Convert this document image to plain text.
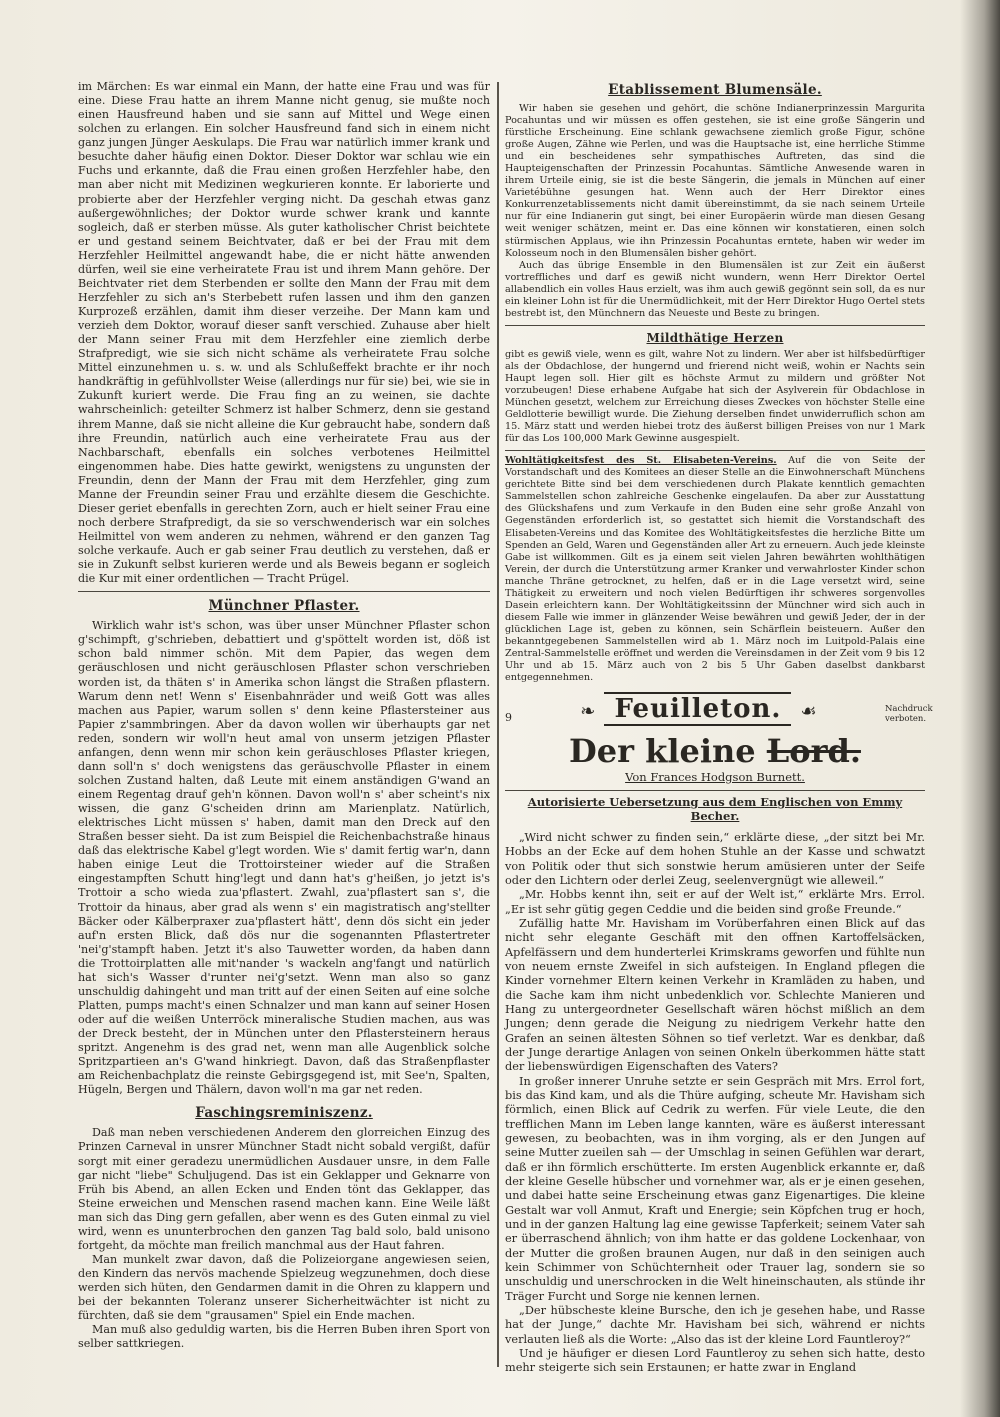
im Märchen: Es war einmal ein Mann, der hatte eine Frau und was für eine. Diese Frau hatte an ihrem Manne nicht genug, sie mußte noch einen Hausfreund haben und sie sann auf Mittel und Wege einen solchen zu erlangen. Ein solcher Hausfreund fand sich in einem nicht ganz jungen Jünger Aeskulaps. Die Frau war natürlich immer krank und besuchte daher häufig einen Doktor. Dieser Doktor war schlau wie ein Fuchs und erkannte, daß die Frau einen großen Herzfehler habe, den man aber nicht mit Medizinen wegkurieren konnte. Er laborierte und probierte aber der Herzfehler verging nicht. Da geschah etwas ganz außergewöhnliches; der Doktor wurde schwer krank und kannte sogleich, daß er sterben müsse. Als guter katholischer Christ beichtete er und gestand seinem Beichtvater, daß er bei der Frau mit dem Herzfehler Heilmittel angewandt habe, die er nicht hätte anwenden dürfen, weil sie eine verheiratete Frau ist und ihrem Mann gehöre. Der Beichtvater riet dem Sterbenden er sollte den Mann der Frau mit dem Herzfehler zu sich an's Sterbebett rufen lassen und ihm den ganzen Kurprozeß erzählen, damit ihm dieser verzeihe. Der Mann kam und verzieh dem Doktor, worauf dieser sanft verschied. Zuhause aber hielt der Mann seiner Frau mit dem Herzfehler eine ziemlich derbe Strafpredigt, wie sie sich nicht schäme als verheiratete Frau solche Mittel einzunehmen u. s. w. und als Schlußeffekt brachte er ihr noch handkräftig in gefühlvollster Weise (allerdings nur für sie) bei, wie sie in Zukunft kuriert werde. Die Frau fing an zu weinen, sie dachte wahrscheinlich: geteilter Schmerz ist halber Schmerz, denn sie gestand ihrem Manne, daß sie nicht alleine die Kur gebraucht habe, sondern daß ihre Freundin, natürlich auch eine verheiratete Frau aus der Nachbarschaft, ebenfalls ein solches verbotenes Heilmittel eingenommen habe. Dies hatte gewirkt, wenigstens zu ungunsten der Freundin, denn der Mann der Frau mit dem Herzfehler, ging zum Manne der Freundin seiner Frau und erzählte diesem die Geschichte. Dieser geriet ebenfalls in gerechten Zorn, auch er hielt seiner Frau eine noch derbere Strafpredigt, da sie so verschwenderisch war ein solches Heilmittel von wem anderen zu nehmen, während er den ganzen Tag solche verkaufe. Auch er gab seiner Frau deutlich zu verstehen, daß er sie in Zukunft selbst kurieren werde und als Beweis begann er sogleich die Kur mit einer ordentlichen — Tracht Prügel.

Münchner Pflaster.

Wirklich wahr ist's schon, was über unser Münchner Pflaster schon g'schimpft, g'schrieben, debattiert und g'spöttelt worden ist, döß ist schon bald nimmer schön. Mit dem Papier, das wegen dem geräuschlosen und nicht geräuschlosen Pflaster schon verschrieben worden ist, da thäten s' in Amerika schon längst die Straßen pflastern. Warum denn net! Wenn s' Eisenbahnräder und weiß Gott was alles machen aus Papier, warum sollen s' denn keine Pflastersteiner aus Papier z'sammbringen. Aber da davon wollen wir überhaupts gar net reden, sondern wir woll'n heut amal von unserm jetzigen Pflaster anfangen, denn wenn mir schon kein geräuschloses Pflaster kriegen, dann soll'n s' doch wenigstens das geräuschvolle Pflaster in einem solchen Zustand halten, daß Leute mit einem anständigen G'wand an einem Regentag drauf geh'n können. Davon woll'n s' aber scheint's nix wissen, die ganz G'scheiden drinn am Marienplatz. Natürlich, elektrisches Licht müssen s' haben, damit man den Dreck auf den Straßen besser sieht. Da ist zum Beispiel die Reichenbachstraße hinaus daß das elektrische Kabel g'legt worden. Wie s' damit fertig war'n, dann haben einige Leut die Trottoirsteiner wieder auf die Straßen eingestampften Schutt hing'legt und dann hat's g'heißen, jo jetzt is's Trottoir a scho wieda zua'pflastert. Zwahl, zua'pflastert san s', die Trottoir da hinaus, aber grad als wenn s' ein magistratisch ang'stellter Bäcker oder Kälberpraxer zua'pflastert hätt', denn dös sicht ein jeder auf'n ersten Blick, daß dös nur die sogenannten Pflastertreter 'nei'g'stampft haben. Jetzt it's also Tauwetter worden, da haben dann die Trottoirplatten alle mit'nander 's wackeln ang'fangt und natürlich hat sich's Wasser d'runter nei'g'setzt. Wenn man also so ganz unschuldig dahingeht und man tritt auf der einen Seiten auf eine solche Platten, pumps macht's einen Schnalzer und man kann auf seiner Hosen oder auf die weißen Unterröck mineralische Studien machen, aus was der Dreck besteht, der in München unter den Pflastersteinern heraus spritzt. Angenehm is des grad net, wenn man alle Augenblick solche Spritzpartieen an's G'wand hinkriegt. Davon, daß das Straßenpflaster am Reichenbachplatz die reinste Gebirgsgegend ist, mit See'n, Spalten, Hügeln, Bergen und Thälern, davon woll'n ma gar net reden.

Faschingsreminiszenz.

Daß man neben verschiedenen Anderem den glorreichen Einzug des Prinzen Carneval in unsrer Münchner Stadt nicht sobald vergißt, dafür sorgt mit einer geradezu unermüdlichen Ausdauer unsre, in dem Falle gar nicht "liebe" Schuljugend. Das ist ein Geklapper und Geknarre von Früh bis Abend, an allen Ecken und Enden tönt das Geklapper, das Steine erweichen und Menschen rasend machen kann. Eine Weile läßt man sich das Ding gern gefallen, aber wenn es des Guten einmal zu viel wird, wenn es ununterbrochen den ganzen Tag bald solo, bald unisono fortgeht, da möchte man freilich manchmal aus der Haut fahren.

Man munkelt zwar davon, daß die Polizeiorgane angewiesen seien, den Kindern das nervös machende Spielzeug wegzunehmen, doch diese werden sich hüten, den Gendarmen damit in die Ohren zu klappern und bei der bekannten Toleranz unserer Sicherheitwächter ist nicht zu fürchten, daß sie dem "grausamen" Spiel ein Ende machen.

Man muß also geduldig warten, bis die Herren Buben ihren Sport von selber sattkriegen.

Etablissement Blumensäle.

Wir haben sie gesehen und gehört, die schöne Indianerprinzessin Margurita Pocahuntas und wir müssen es offen gestehen, sie ist eine große Sängerin und fürstliche Erscheinung. Eine schlank gewachsene ziemlich große Figur, schöne große Augen, Zähne wie Perlen, und was die Hauptsache ist, eine herrliche Stimme und ein bescheidenes sehr sympathisches Auftreten, das sind die Haupteigenschaften der Prinzessin Pocahuntas. Sämtliche Anwesende waren in ihrem Urteile einig, sie ist die beste Sängerin, die jemals in München auf einer Varietébühne gesungen hat. Wenn auch der Herr Direktor eines Konkurrenzetablissements nicht damit übereinstimmt, da sie nach seinem Urteile nur für eine Indianerin gut singt, bei einer Europäerin würde man diesen Gesang weit weniger schätzen, meint er. Das eine können wir konstatieren, einen solch stürmischen Applaus, wie ihn Prinzessin Pocahuntas erntete, haben wir weder im Kolosseum noch in den Blumensälen bisher gehört.

Auch das übrige Ensemble in den Blumensälen ist zur Zeit ein äußerst vortreffliches und darf es gewiß nicht wundern, wenn Herr Direktor Oertel allabendlich ein volles Haus erzielt, was ihm auch gewiß gegönnt sein soll, da es nur ein kleiner Lohn ist für die Unermüdlichkeit, mit der Herr Direktor Hugo Oertel stets bestrebt ist, den Münchnern das Neueste und Beste zu bringen.

Mildthätige Herzen

gibt es gewiß viele, wenn es gilt, wahre Not zu lindern. Wer aber ist hilfsbedürftiger als der Obdachlose, der hungernd und frierend nicht weiß, wohin er Nachts sein Haupt legen soll. Hier gilt es höchste Armut zu mildern und größter Not vorzubeugen! Diese erhabene Aufgabe hat sich der Asylverein für Obdachlose in München gesetzt, welchem zur Erreichung dieses Zweckes von höchster Stelle eine Geldlotterie bewilligt wurde. Die Ziehung derselben findet unwiderruflich schon am 15. März statt und werden hiebei trotz des äußerst billigen Preises von nur 1 Mark für das Los 100,000 Mark Gewinne ausgespielt.

Wohltätigkeitsfest des St. Elisabeten-Vereins. Auf die von Seite der Vorstandschaft und des Komitees an dieser Stelle an die Einwohnerschaft Münchens gerichtete Bitte sind bei dem verschiedenen durch Plakate kenntlich gemachten Sammelstellen schon zahlreiche Geschenke eingelaufen. Da aber zur Ausstattung des Glückshafens und zum Verkaufe in den Buden eine sehr große Anzahl von Gegenständen erforderlich ist, so gestattet sich hiemit die Vorstandschaft des Elisabeten-Vereins und das Komitee des Wohltätigkeitsfestes die herzliche Bitte um Spenden an Geld, Waren und Gegenständen aller Art zu erneuern. Auch jede kleinste Gabe ist willkommen. Gilt es ja einem seit vielen Jahren bewährten wohlthätigen Verein, der durch die Unterstützung armer Kranker und verwahrloster Kinder schon manche Thräne getrocknet, zu helfen, daß er in die Lage versetzt wird, seine Thätigkeit zu erweitern und noch vielen Bedürftigen ihr schweres sorgenvolles Dasein erleichtern kann. Der Wohltätigkeitssinn der Münchner wird sich auch in diesem Falle wie immer in glänzender Weise bewähren und gewiß Jeder, der in der glücklichen Lage ist, geben zu können, sein Schärflein beisteuern. Außer den bekanntgegebenen Sammelstellen wird ab 1. März noch im Luitpold-Palais eine Zentral-Sammelstelle eröffnet und werden die Vereinsdamen in der Zeit vom 9 bis 12 Uhr und ab 15. März auch von 2 bis 5 Uhr Gaben daselbst dankbarst entgegennehmen.

9	❧ Feuilleton. ☙	Nachdruck verboten.
Der kleine Lord.
Von Frances Hodgson Burnett.
Autorisierte Uebersetzung aus dem Englischen von Emmy Becher.

„Wird nicht schwer zu finden sein,“ erklärte diese, „der sitzt bei Mr. Hobbs an der Ecke auf dem hohen Stuhle an der Kasse und schwatzt von Politik oder thut sich sonstwie herum amüsieren unter der Seife oder den Lichtern oder derlei Zeug, seelenvergnügt wie alleweil.“

„Mr. Hobbs kennt ihn, seit er auf der Welt ist,“ erklärte Mrs. Errol. „Er ist sehr gütig gegen Ceddie und die beiden sind große Freunde.“

Zufällig hatte Mr. Havisham im Vorüberfahren einen Blick auf das nicht sehr elegante Geschäft mit den offnen Kartoffelsäcken, Apfelfässern und dem hunderterlei Krimskrams geworfen und fühlte nun von neuem ernste Zweifel in sich aufsteigen. In England pflegen die Kinder vornehmer Eltern keinen Verkehr in Kramläden zu haben, und die Sache kam ihm nicht unbedenklich vor. Schlechte Manieren und Hang zu untergeordneter Gesellschaft wären höchst mißlich an dem Jungen; denn gerade die Neigung zu niedrigem Verkehr hatte den Grafen an seinen ältesten Söhnen so tief verletzt. War es denkbar, daß der Junge derartige Anlagen von seinen Onkeln überkommen hätte statt der liebenswürdigen Eigenschaften des Vaters?

In großer innerer Unruhe setzte er sein Gespräch mit Mrs. Errol fort, bis das Kind kam, und als die Thüre aufging, scheute Mr. Havisham sich förmlich, einen Blick auf Cedrik zu werfen. Für viele Leute, die den trefflichen Mann im Leben lange kannten, wäre es äußerst interessant gewesen, zu beobachten, was in ihm vorging, als er den Jungen auf seine Mutter zueilen sah — der Umschlag in seinen Gefühlen war derart, daß er ihn förmlich erschütterte. Im ersten Augenblick erkannte er, daß der kleine Geselle hübscher und vornehmer war, als er je einen gesehen, und dabei hatte seine Erscheinung etwas ganz Eigenartiges. Die kleine Gestalt war voll Anmut, Kraft und Energie; sein Köpfchen trug er hoch, und in der ganzen Haltung lag eine gewisse Tapferkeit; seinem Vater sah er überraschend ähnlich; von ihm hatte er das goldene Lockenhaar, von der Mutter die großen braunen Augen, nur daß in den seinigen auch kein Schimmer von Schüchternheit oder Trauer lag, sondern sie so unschuldig und unerschrocken in die Welt hineinschauten, als stünde ihr Träger Furcht und Sorge nie kennen lernen.

„Der hübscheste kleine Bursche, den ich je gesehen habe, und Rasse hat der Junge,“ dachte Mr. Havisham bei sich, während er nichts verlauten ließ als die Worte: „Also das ist der kleine Lord Fauntleroy?“

Und je häufiger er diesen Lord Fauntleroy zu sehen sich hatte, desto mehr steigerte sich sein Erstaunen; er hatte zwar in England
